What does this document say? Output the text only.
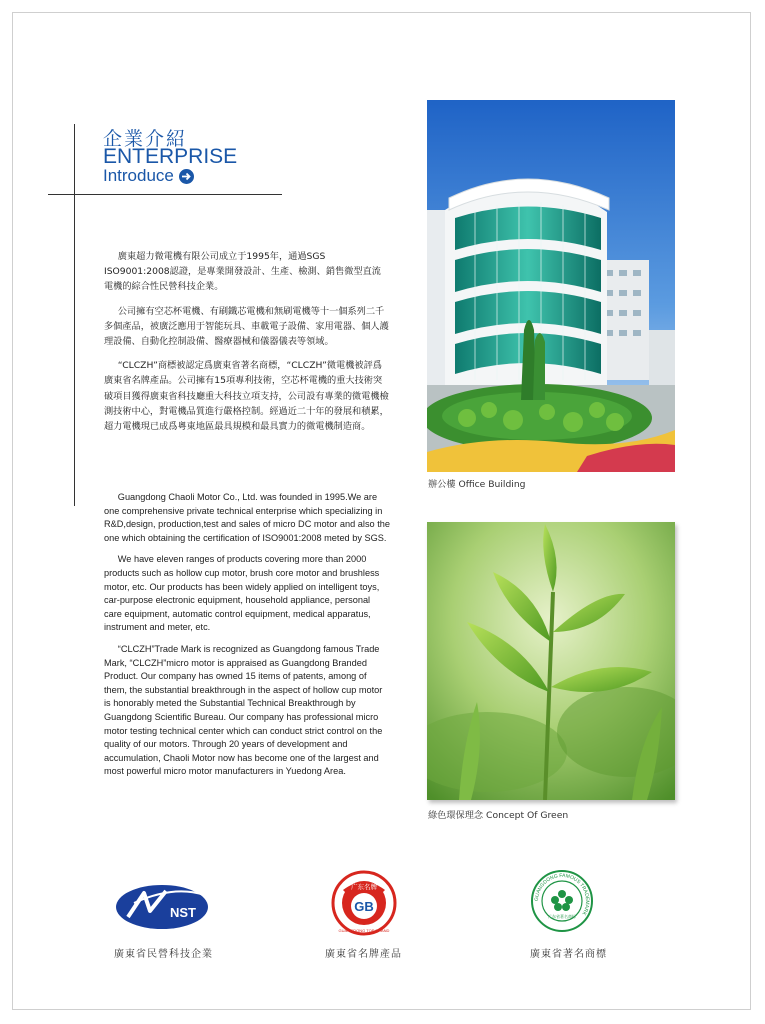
企業介紹
ENTERPRISE
Introduce

廣東超力微電機有限公司成立于1995年，通過SGS ISO9001:2008認證，是專業開發設計、生產、檢測、銷售微型直流電機的綜合性民營科技企業。

公司擁有空芯杯電機、有刷鐵芯電機和無刷電機等十一個系列二千多個產品，被廣泛應用于智能玩具、車載電子設備、家用電器、個人護理設備、自動化控制設備、醫療器械和儀器儀表等領域。

“CLCZH”商標被認定爲廣東省著名商標，“CLCZH”微電機被評爲廣東省名牌產品。公司擁有15項專利技術，空芯杯電機的重大技術突破項目獲得廣東省科技廳重大科技立項支持，公司設有專業的微電機檢測技術中心，對電機品質進行嚴格控制。經過近二十年的發展和積累，超力電機現已成爲粵東地區最具規模和最具實力的微電機制造商。

Guangdong Chaoli Motor Co., Ltd. was founded in 1995.We are one comprehensive private technical enterprise which specializing in R&D,design, production,test and sales of micro DC motor and also the one which obtaining the certification of ISO9001:2008 meted by SGS.

We have eleven ranges of products covering more than 2000 products such as hollow cup motor, brush core motor and brushless motor, etc. Our products has been widely applied on intelligent toys, car-purpose electronic equipment, household appliance, personal care equipment, automatic control equipment, medical apparatus, instrument and meter, etc.

“CLCZH”Trade Mark is recognized as Guangdong famous Trade Mark, “CLCZH”micro motor is appraised as Guangdong Branded Product. Our company has owned 15 items of patents, among of them, the substantial breakthrough in the aspect of hollow cup motor is honorably meted the Substantial Technical Breakthrough by Guangdong Scientific Bureau. Our company has professional micro motor testing technical center which can conduct strict control on the quality of our motors. Through 20 years of development and accumulation, Chaoli Motor now has become one of the largest and most powerful micro motor manufacturers in Yuedong Area.

辦公樓 Office Building
綠色環保理念 Concept Of Green
NST
廣東省民營科技企業
广东名牌
GB
GUANGDONG TOP BRAND
廣東省名牌產品
GUANGDONG FAMOUS TRADEMARK
广东省著名商标
廣東省著名商標
